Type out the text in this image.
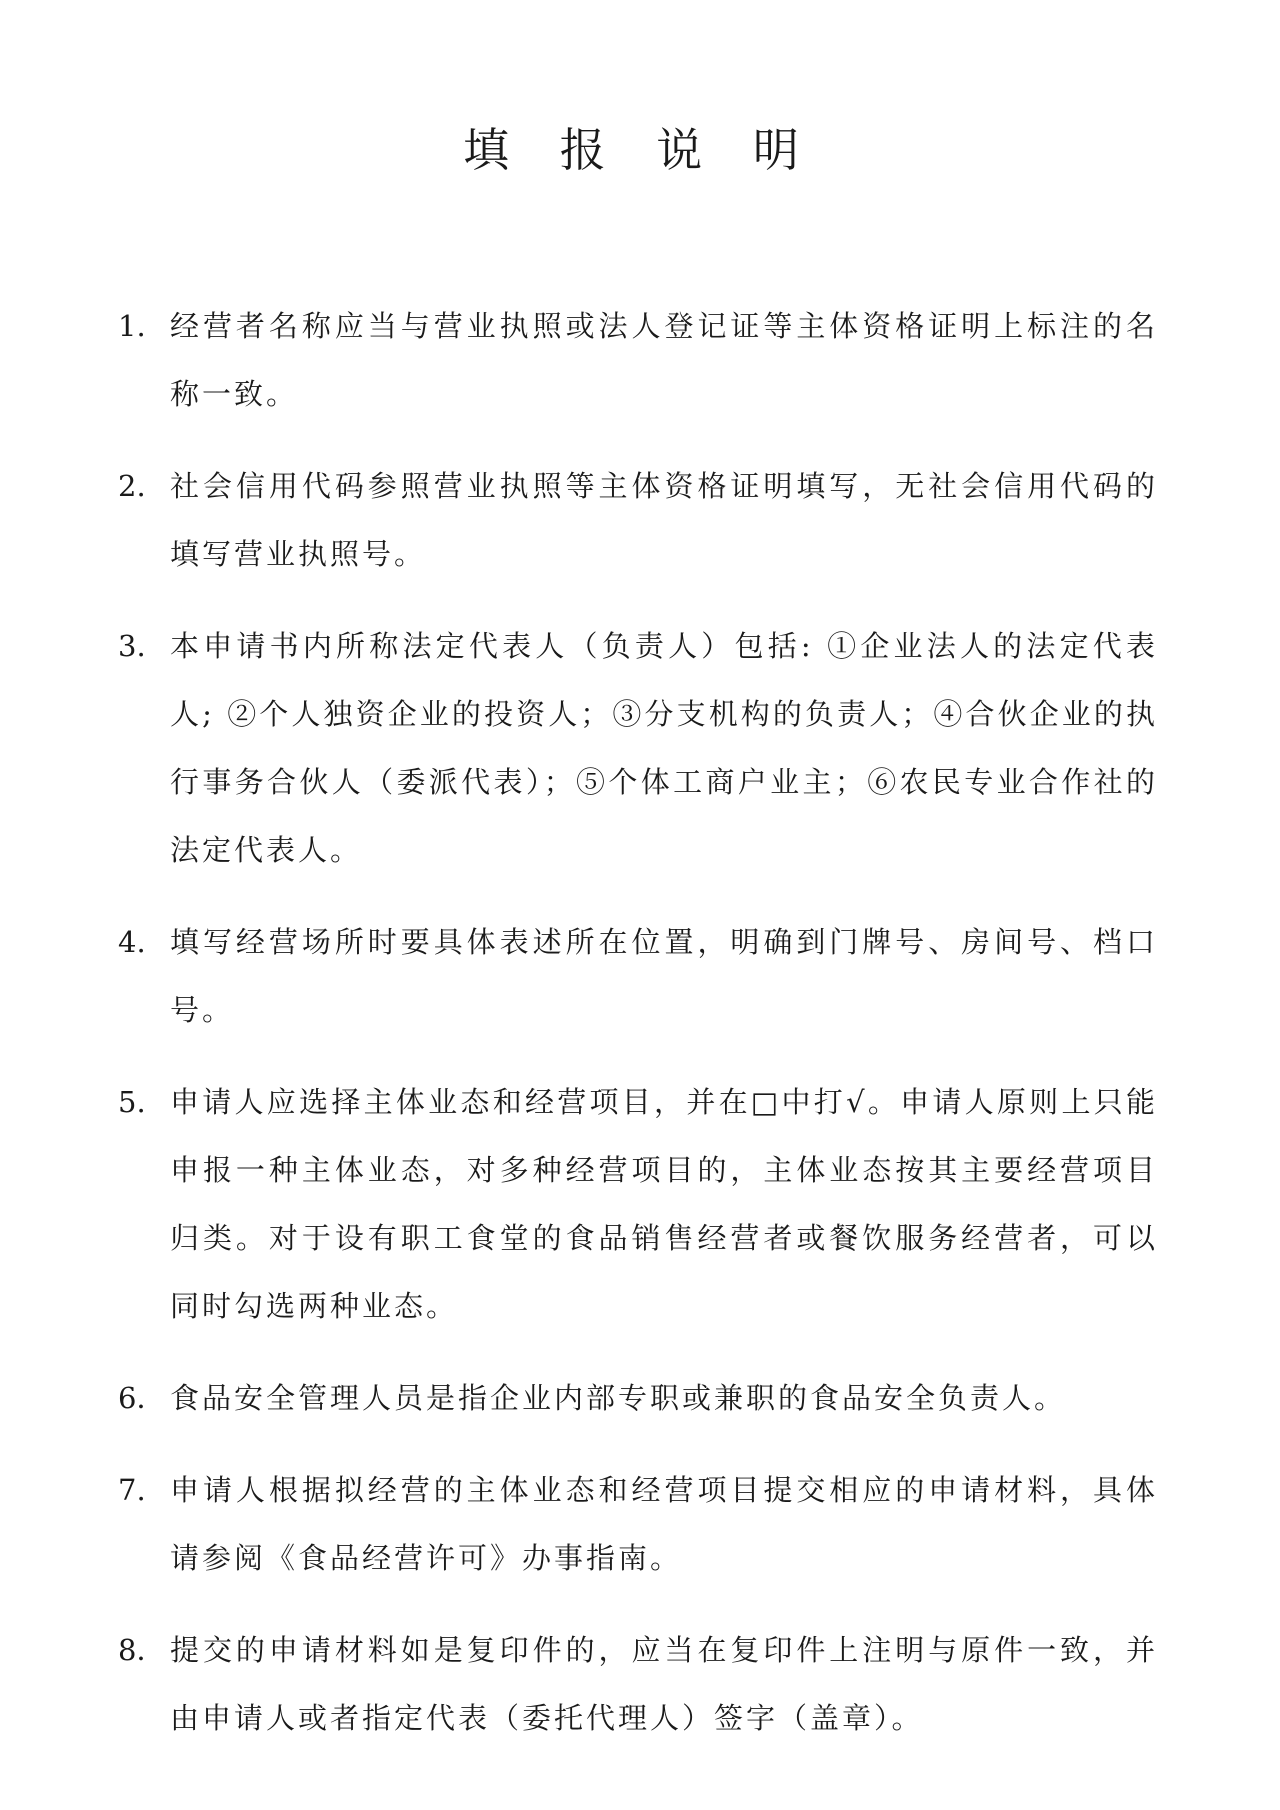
填 报 说 明
1. 经营者名称应当与营业执照或法人登记证等主体资格证明上标注的名称一致。
2. 社会信用代码参照营业执照等主体资格证明填写，无社会信用代码的填写营业执照号。
3. 本申请书内所称法定代表人（负责人）包括: ①企业法人的法定代表人; ②个人独资企业的投资人；③分支机构的负责人；④合伙企业的执行事务合伙人（委派代表）；⑤个体工商户业主；⑥农民专业合作社的法定代表人。
4. 填写经营场所时要具体表述所在位置，明确到门牌号、房间号、档口号。
5. 申请人应选择主体业态和经营项目，并在□中打√。申请人原则上只能申报一种主体业态，对多种经营项目的，主体业态按其主要经营项目归类。对于设有职工食堂的食品销售经营者或餐饮服务经营者，可以同时勾选两种业态。
6． 食品安全管理人员是指企业内部专职或兼职的食品安全负责人。
7. 申请人根据拟经营的主体业态和经营项目提交相应的申请材料，具体请参阅《食品经营许可》办事指南。
8． 提交的申请材料如是复印件的，应当在复印件上注明与原件一致，并由申请人或者指定代表（委托代理人）签字（盖章）。
